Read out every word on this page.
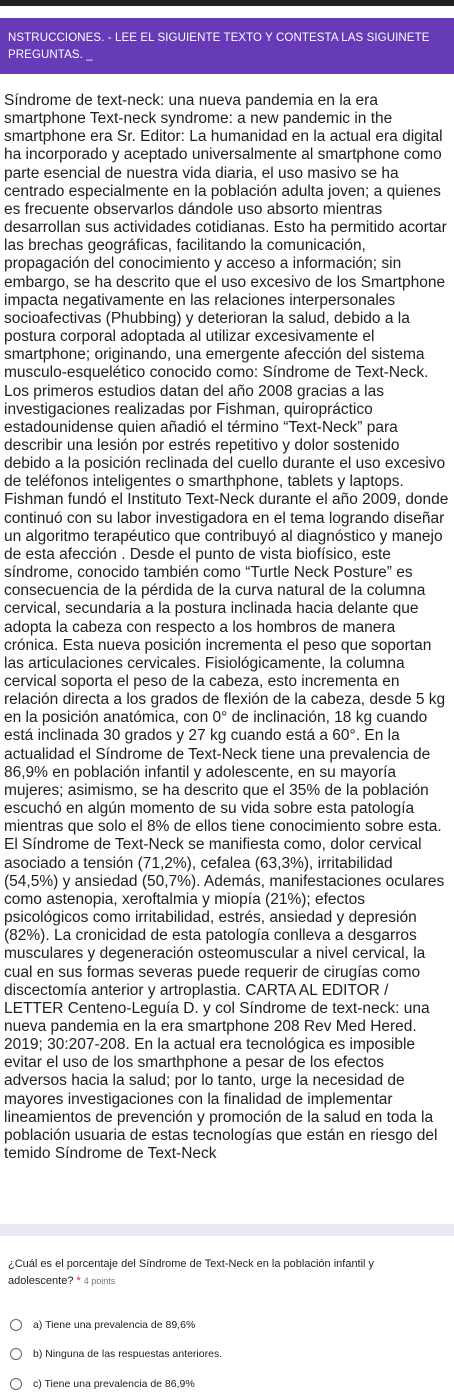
NSTRUCCIONES. - LEE EL SIGUIENTE TEXTO Y CONTESTA LAS SIGUINETE PREGUNTAS. _
Síndrome de text-neck: una nueva pandemia en la era smartphone Text-neck syndrome: a new pandemic in the smartphone era Sr. Editor: La humanidad en la actual era digital ha incorporado y aceptado universalmente al smartphone como parte esencial de nuestra vida diaria, el uso masivo se ha centrado especialmente en la población adulta joven; a quienes es frecuente observarlos dándole uso absorto mientras desarrollan sus actividades cotidianas. Esto ha permitido acortar las brechas geográficas, facilitando la comunicación, propagación del conocimiento y acceso a información; sin embargo, se ha descrito que el uso excesivo de los Smartphone impacta negativamente en las relaciones interpersonales socioafectivas (Phubbing) y deterioran la salud, debido a la postura corporal adoptada al utilizar excesivamente el smartphone; originando, una emergente afección del sistema musculo-esquelético conocido como: Síndrome de Text-Neck. Los primeros estudios datan del año 2008 gracias a las investigaciones realizadas por Fishman, quiropráctico estadounidense quien añadió el término “Text-Neck” para describir una lesión por estrés repetitivo y dolor sostenido debido a la posición reclinada del cuello durante el uso excesivo de teléfonos inteligentes o smarthphone, tablets y laptops. Fishman fundó el Instituto Text-Neck durante el año 2009, donde continuó con su labor investigadora en el tema logrando diseñar un algoritmo terapéutico que contribuyó al diagnóstico y manejo de esta afección . Desde el punto de vista biofísico, este síndrome, conocido también como “Turtle Neck Posture” es consecuencia de la pérdida de la curva natural de la columna cervical, secundaria a la postura inclinada hacia delante que adopta la cabeza con respecto a los hombros de manera crónica. Esta nueva posición incrementa el peso que soportan las articulaciones cervicales. Fisiológicamente, la columna cervical soporta el peso de la cabeza, esto incrementa en relación directa a los grados de flexión de la cabeza, desde 5 kg en la posición anatómica, con 0° de inclinación, 18 kg cuando está inclinada 30 grados y 27 kg cuando está a 60°. En la actualidad el Síndrome de Text-Neck tiene una prevalencia de 86,9% en población infantil y adolescente, en su mayoría mujeres; asimismo, se ha descrito que el 35% de la población escuchó en algún momento de su vida sobre esta patología mientras que solo el 8% de ellos tiene conocimiento sobre esta. El Síndrome de Text-Neck se manifiesta como, dolor cervical asociado a tensión (71,2%), cefalea (63,3%), irritabilidad (54,5%) y ansiedad (50,7%). Además, manifestaciones oculares como astenopia, xeroftalmia y miopía (21%); efectos psicológicos como irritabilidad, estrés, ansiedad y depresión (82%). La cronicidad de esta patología conlleva a desgarros musculares y degeneración osteomuscular a nivel cervical, la cual en sus formas severas puede requerir de cirugías como discectomía anterior y artroplastia. CARTA AL EDITOR / LETTER Centeno-Leguía D. y col Síndrome de text-neck: una nueva pandemia en la era smartphone 208 Rev Med Hered. 2019; 30:207-208. En la actual era tecnológica es imposible evitar el uso de los smarthphone a pesar de los efectos adversos hacia la salud; por lo tanto, urge la necesidad de mayores investigaciones con la finalidad de implementar lineamientos de prevención y promoción de la salud en toda la población usuaria de estas tecnologías que están en riesgo del temido Síndrome de Text-Neck
¿Cuál es el porcentaje del Síndrome de Text-Neck en la población infantil y adolescente? * 4 points
a) Tiene una prevalencia de 89,6%
b) Ninguna de las respuestas anteriores.
c) Tiene una prevalencia de 86,9%
